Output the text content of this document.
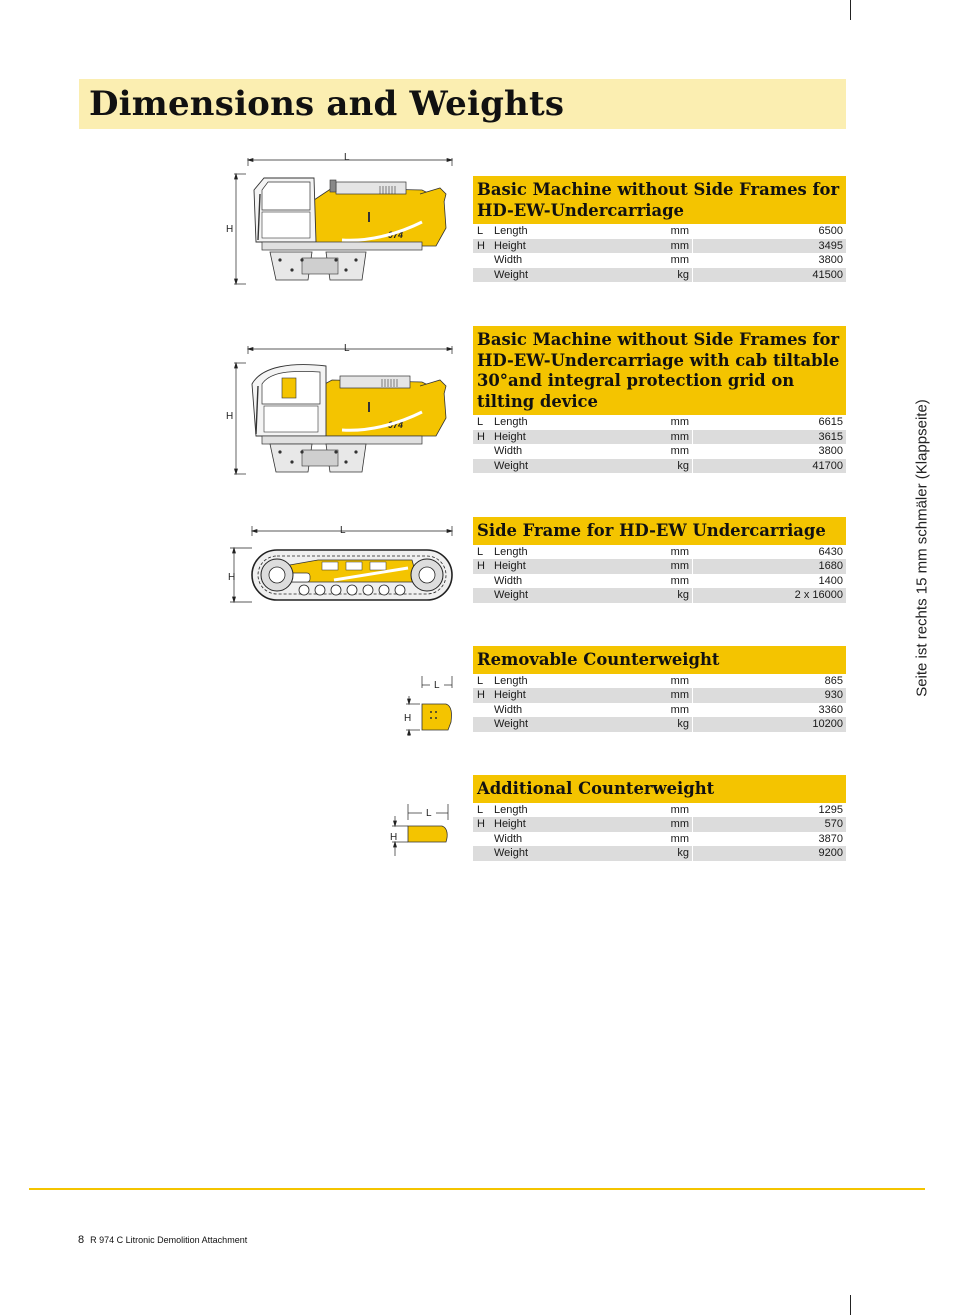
Dimensions and Weights
Seite ist rechts 15 mm schmäler (Klappseite)
L
H	974
L
H
974
L
H
L
H
L
H
Basic Machine without Side Frames for HD-EW-Undercarriage
L	Length	mm	6500
H	Height	mm	3495
	Width	mm	3800
	Weight	kg	41500
Basic Machine without Side Frames for HD-EW-Undercarriage with cab tiltable 30°and integral protection grid on tilting device
L	Length	mm	6615
H	Height	mm	3615
	Width	mm	3800
	Weight	kg	41700
Side Frame for HD-EW Undercarriage
L	Length	mm	6430
H	Height	mm	1680
	Width	mm	1400
	Weight	kg	2 x 16000
Removable Counterweight
L	Length	mm	865
H	Height	mm	930
	Width	mm	3360
	Weight	kg	10200
Additional Counterweight
L	Length	mm	1295
H	Height	mm	570
	Width	mm	3870
	Weight	kg	9200
8 R 974 C Litronic Demolition Attachment
